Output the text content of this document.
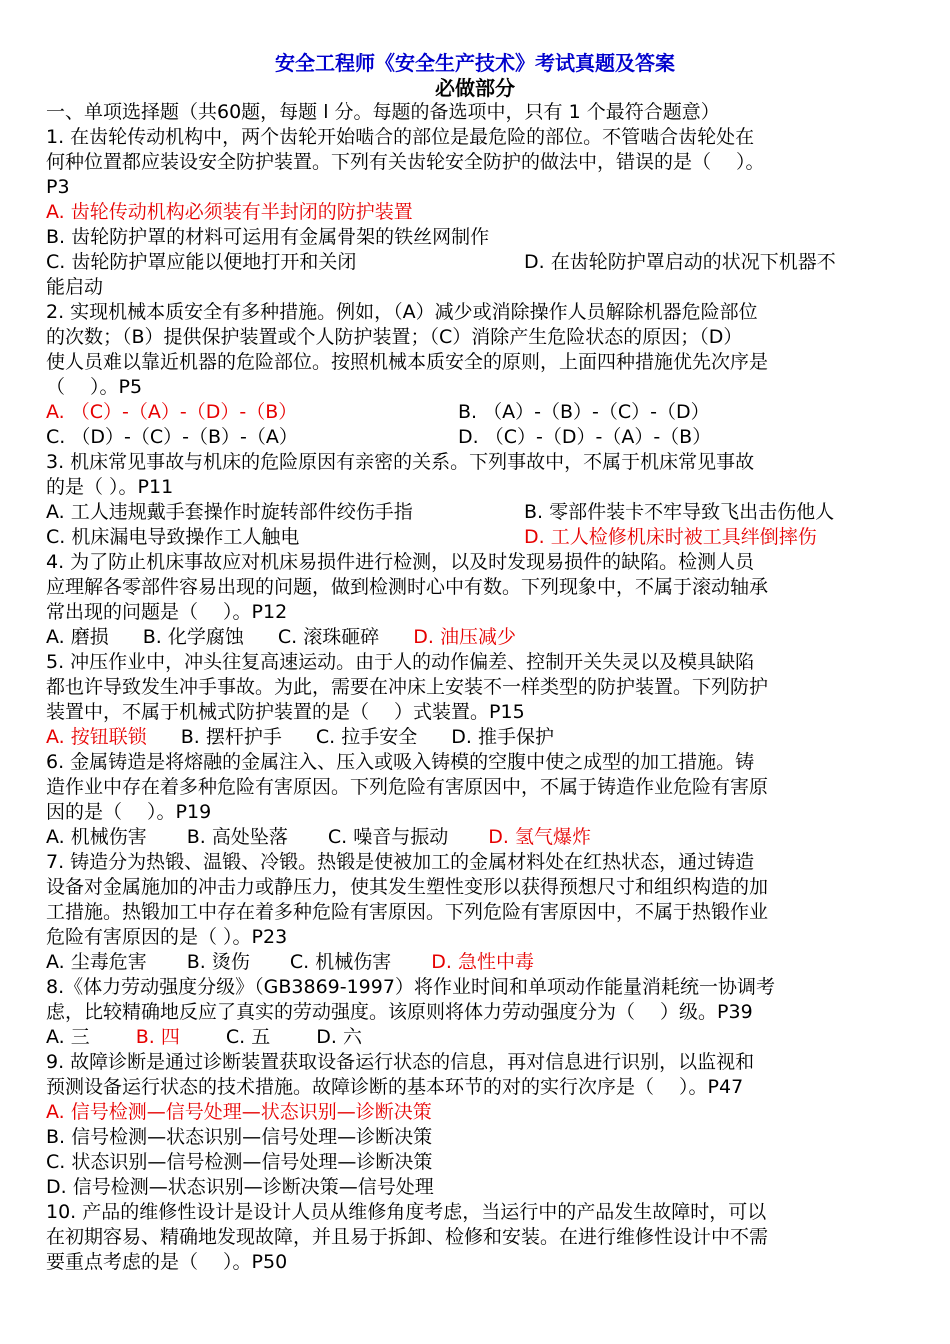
安全工程师《安全生产技术》考试真题及答案
必做部分
一、单项选择题（共60题，每题 l 分。每题的备选项中，只有 1 个最符合题意）
1. 在齿轮传动机构中，两个齿轮开始啮合的部位是最危险的部位。不管啮合齿轮处在
何种位置都应装设安全防护装置。下列有关齿轮安全防护的做法中，错误的是（　 ）。
P3
A. 齿轮传动机构必须装有半封闭的防护装置
B. 齿轮防护罩的材料可运用有金属骨架的铁丝网制作
C. 齿轮防护罩应能以便地打开和关闭	D. 在齿轮防护罩启动的状况下机器不
能启动
2. 实现机械本质安全有多种措施。例如，（A）减少或消除操作人员解除机器危险部位
的次数；（B）提供保护装置或个人防护装置；（C）消除产生危险状态的原因；（D）
使人员难以靠近机器的危险部位。按照机械本质安全的原则，上面四种措施优先次序是
（　 ）。P5
A. （C）-（A）-（D）-（B）	B. （A）-（B）-（C）-（D）
C. （D）-（C）-（B）-（A）	D. （C）-（D）-（A）-（B）
3. 机床常见事故与机床的危险原因有亲密的关系。下列事故中，不属于机床常见事故
的是（ ）。P11
A. 工人违规戴手套操作时旋转部件绞伤手指	B. 零部件装卡不牢导致飞出击伤他人
C. 机床漏电导致操作工人触电	D. 工人检修机床时被工具绊倒摔伤
4. 为了防止机床事故应对机床易损件进行检测，以及时发现易损件的缺陷。检测人员
应理解各零部件容易出现的问题，做到检测时心中有数。下列现象中，不属于滚动轴承
常出现的问题是（　 ）。P12
A. 磨损 B. 化学腐蚀 C. 滚珠砸碎 D. 油压减少
5. 冲压作业中，冲头往复高速运动。由于人的动作偏差、控制开关失灵以及模具缺陷
都也许导致发生冲手事故。为此，需要在冲床上安装不一样类型的防护装置。下列防护
装置中，不属于机械式防护装置的是（　 ）式装置。P15
A. 按钮联锁 B. 摆杆护手 C. 拉手安全 D. 推手保护
6. 金属铸造是将熔融的金属注入、压入或吸入铸模的空腹中使之成型的加工措施。铸
造作业中存在着多种危险有害原因。下列危险有害原因中，不属于铸造作业危险有害原
因的是（　 ）。P19
A. 机械伤害 B. 高处坠落 C. 噪音与振动 D. 氢气爆炸
7. 铸造分为热锻、温锻、冷锻。热锻是使被加工的金属材料处在红热状态，通过铸造
设备对金属施加的冲击力或静压力，使其发生塑性变形以获得预想尺寸和组织构造的加
工措施。热锻加工中存在着多种危险有害原因。下列危险有害原因中，不属于热锻作业
危险有害原因的是（ ）。P23
A. 尘毒危害 B. 烫伤 C. 机械伤害 D. 急性中毒
8.《体力劳动强度分级》（GB3869-1997）将作业时间和单项动作能量消耗统一协调考
虑，比较精确地反应了真实的劳动强度。该原则将体力劳动强度分为（　 ）级。P39
A. 三 B. 四 C. 五 D. 六
9. 故障诊断是通过诊断装置获取设备运行状态的信息，再对信息进行识别，以监视和
预测设备运行状态的技术措施。故障诊断的基本环节的对的实行次序是（　 ）。P47
A. 信号检测—信号处理—状态识别—诊断决策
B. 信号检测—状态识别—信号处理—诊断决策
C. 状态识别—信号检测—信号处理—诊断决策
D. 信号检测—状态识别—诊断决策—信号处理
10. 产品的维修性设计是设计人员从维修角度考虑，当运行中的产品发生故障时，可以
在初期容易、精确地发现故障，并且易于拆卸、检修和安装。在进行维修性设计中不需
要重点考虑的是（　 ）。P50
